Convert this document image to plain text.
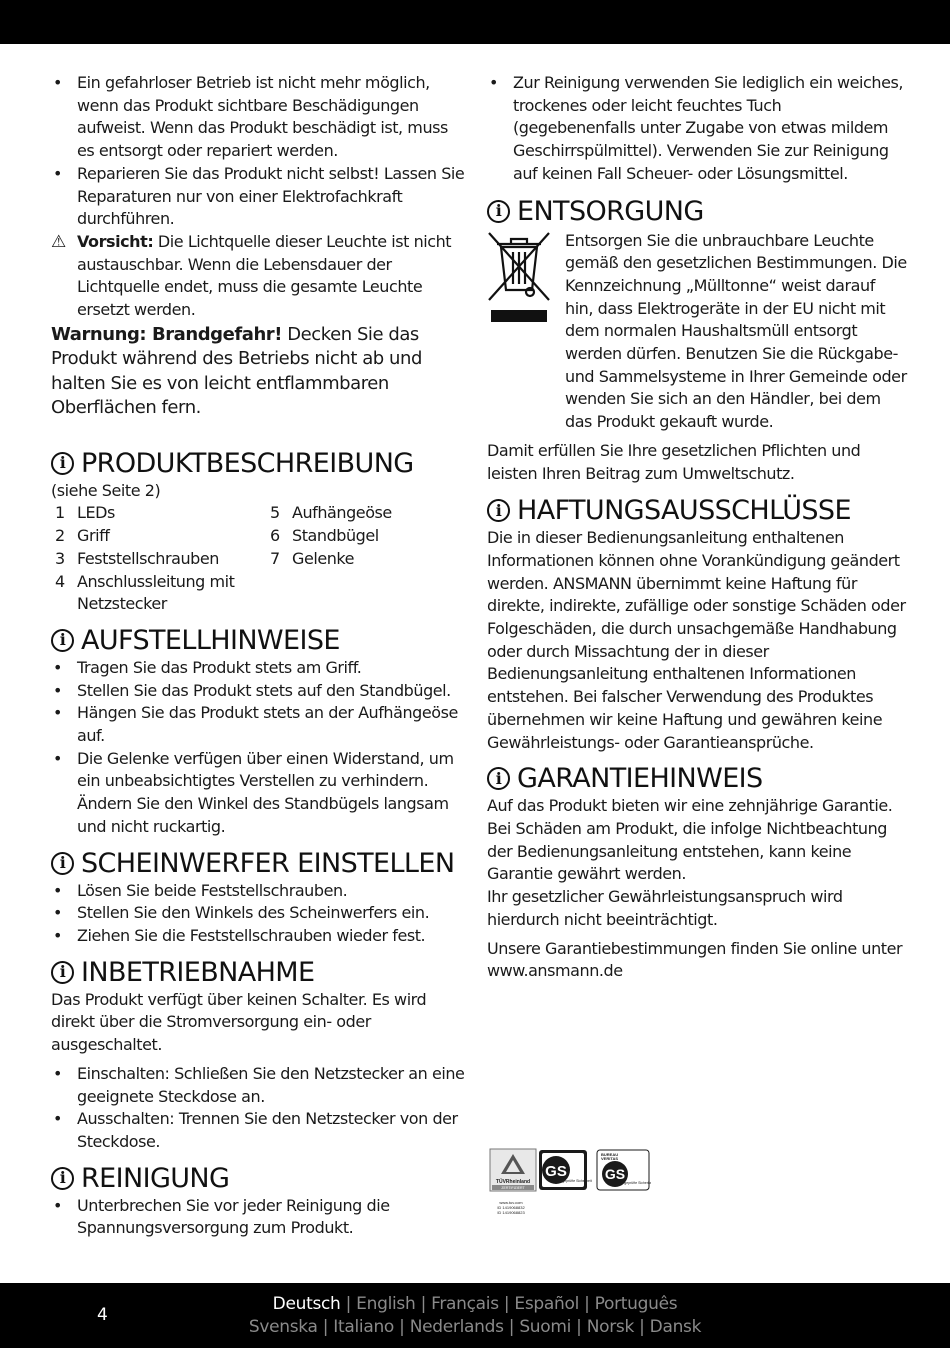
• Ein gefahrloser Betrieb ist nicht mehr möglich, wenn das Produkt sichtbare Beschädigungen aufweist. Wenn das Produkt beschädigt ist, muss es entsorgt oder repariert werden.
• Reparieren Sie das Produkt nicht selbst! Lassen Sie Reparaturen nur von einer Elektrofachkraft durchführen.
⚠ Vorsicht: Die Lichtquelle dieser Leuchte ist nicht austauschbar. Wenn die Lebensdauer der Lichtquelle endet, muss die gesamte Leuchte ersetzt werden.
Warnung: Brandgefahr! Decken Sie das Produkt während des Betriebs nicht ab und halten Sie es von leicht entflammbaren Oberflächen fern.
i PRODUKTBESCHREIBUNG
(siehe Seite 2)
1 LEDs
2 Griff
3 Feststellschrauben
4 Anschlussleitung mit Netzstecker
5 Aufhängeöse
6 Standbügel
7 Gelenke
i AUFSTELLHINWEISE
• Tragen Sie das Produkt stets am Griff.
• Stellen Sie das Produkt stets auf den Standbügel.
• Hängen Sie das Produkt stets an der Aufhängeöse auf.
• Die Gelenke verfügen über einen Widerstand, um ein unbeabsichtigtes Verstellen zu verhindern. Ändern Sie den Winkel des Standbügels langsam und nicht ruckartig.
i SCHEINWERFER EINSTELLEN
• Lösen Sie beide Feststellschrauben.
• Stellen Sie den Winkels des Scheinwerfers ein.
• Ziehen Sie die Feststellschrauben wieder fest.
i INBETRIEBNAHME
Das Produkt verfügt über keinen Schalter. Es wird direkt über die Stromversorgung ein- oder ausgeschaltet.
• Einschalten: Schließen Sie den Netzstecker an eine geeignete Steckdose an.
• Ausschalten: Trennen Sie den Netzstecker von der Steckdose.
i REINIGUNG
• Unterbrechen Sie vor jeder Reinigung die Spannungsversorgung zum Produkt.
• Zur Reinigung verwenden Sie lediglich ein weiches, trockenes oder leicht feuchtes Tuch (gegebenenfalls unter Zugabe von etwas mildem Geschirrspülmittel). Verwenden Sie zur Reinigung auf keinen Fall Scheuer- oder Lösungsmittel.
i ENTSORGUNG
Entsorgen Sie die unbrauchbare Leuchte gemäß den gesetzlichen Bestimmungen. Die Kennzeichnung „Mülltonne“ weist darauf hin, dass Elektrogeräte in der EU nicht mit dem normalen Haushaltsmüll entsorgt werden dürfen. Benutzen Sie die Rückgabe- und Sammelsysteme in Ihrer Gemeinde oder wenden Sie sich an den Händler, bei dem das Produkt gekauft wurde.
Damit erfüllen Sie Ihre gesetzlichen Pflichten und leisten Ihren Beitrag zum Umweltschutz.
i HAFTUNGSAUSSCHLÜSSE
Die in dieser Bedienungsanleitung enthaltenen Informationen können ohne Vorankündigung geändert werden. ANSMANN übernimmt keine Haftung für direkte, indirekte, zufällige oder sonstige Schäden oder Folgeschäden, die durch unsachgemäße Handhabung oder durch Missachtung der in dieser Bedienungsanleitung enthaltenen Informationen entstehen. Bei falscher Verwendung des Produktes übernehmen wir keine Haftung und gewähren keine Gewährleistungs- oder Garantieansprüche.
i GARANTIEHINWEIS
Auf das Produkt bieten wir eine zehnjährige Garantie. Bei Schäden am Produkt, die infolge Nichtbeachtung der Bedienungsanleitung entstehen, kann keine Garantie gewährt werden.
Ihr gesetzlicher Gewährleistungsanspruch wird hierdurch nicht beeinträchtigt.
Unsere Garantiebestimmungen finden Sie online unter www.ansmann.de
TÜVRheinland
ZERTIFIZIERT
www.tuv.com
ID 1419068832
ID 1419068823
GS
geprüfte Sicherheit
BUREAU
VERITAS
GS
geprüfte Sicherheit
4
Deutsch | English | Français | Español | Português
Svenska | Italiano | Nederlands | Suomi | Norsk | Dansk
